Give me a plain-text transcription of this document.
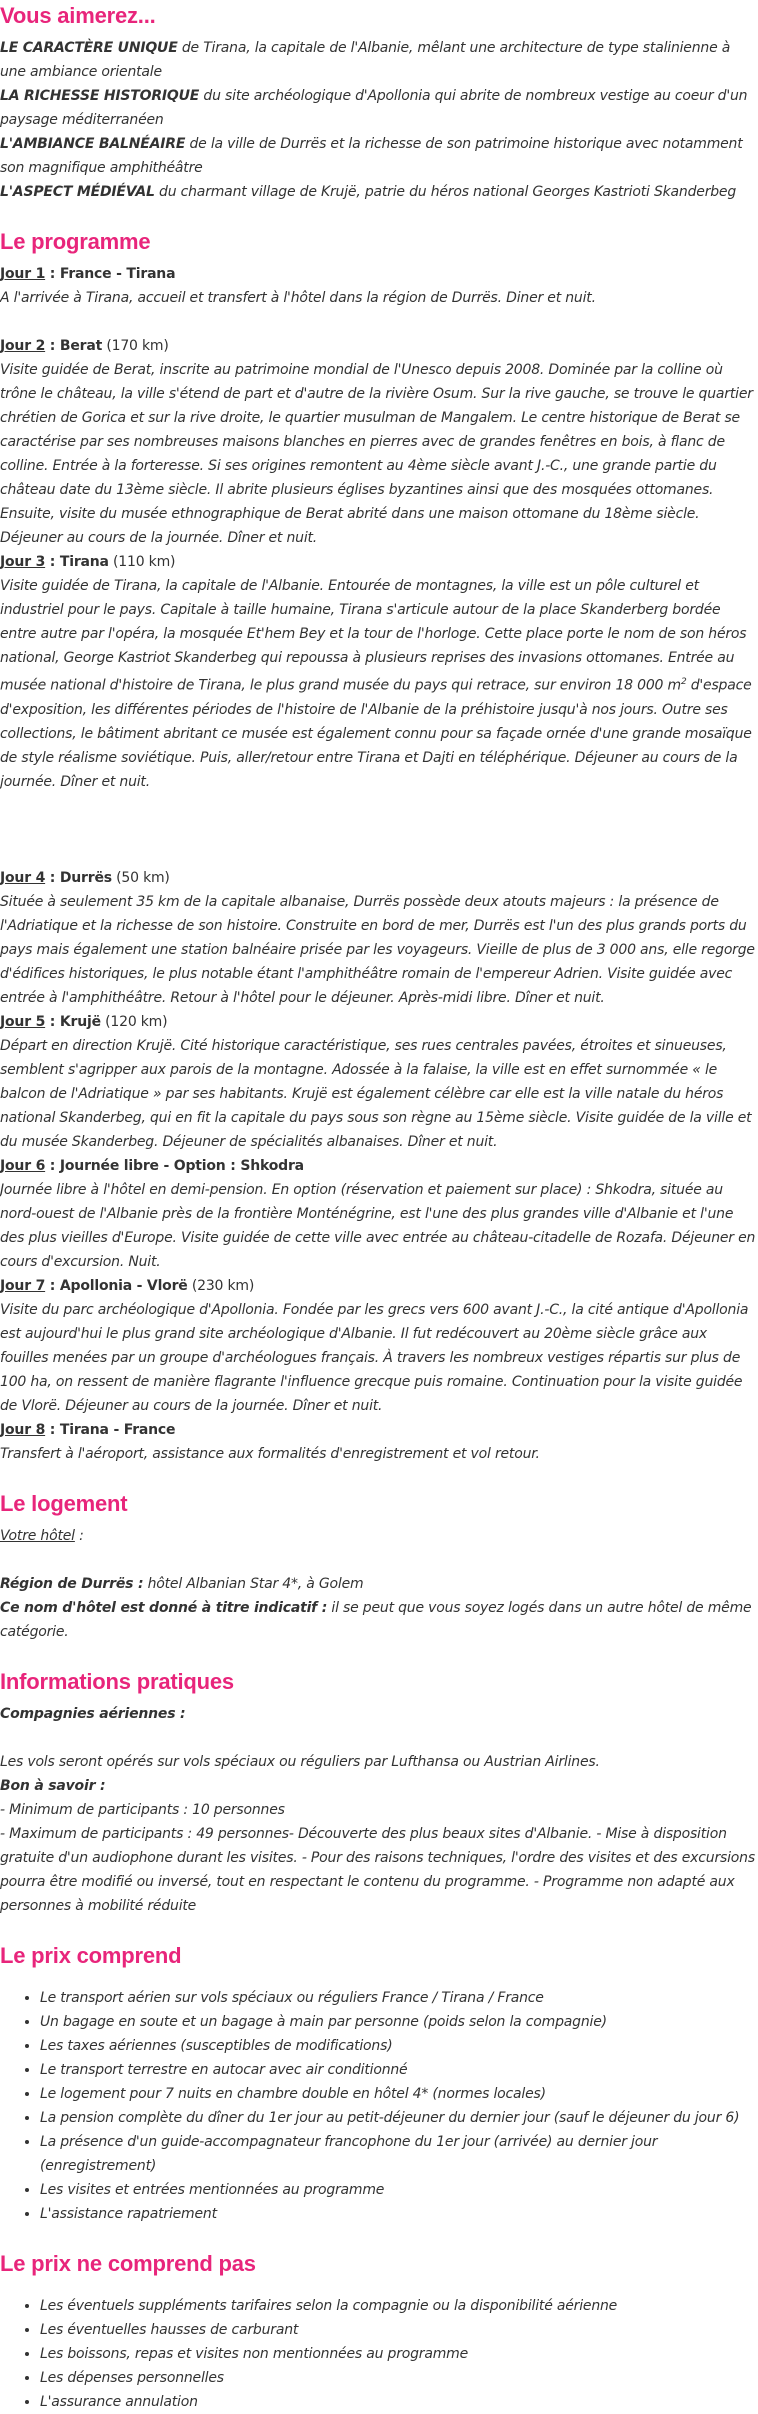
Vous aimerez...

LE CARACTÈRE UNIQUE de Tirana, la capitale de l'Albanie, mêlant une architecture de type stalinienne à une ambiance orientale

LA RICHESSE HISTORIQUE du site archéologique d'Apollonia qui abrite de nombreux vestige au coeur d'un paysage méditerranéen

L'AMBIANCE BALNÉAIRE de la ville de Durrës et la richesse de son patrimoine historique avec notamment son magnifique amphithéâtre

L'ASPECT MÉDIÉVAL du charmant village de Krujë, patrie du héros national Georges Kastrioti Skanderbeg

Le programme

Jour 1 : France - Tirana

A l'arrivée à Tirana, accueil et transfert à l'hôtel dans la région de Durrës. Diner et nuit.

Jour 2 : Berat (170 km)

Visite guidée de Berat, inscrite au patrimoine mondial de l'Unesco depuis 2008. Dominée par la colline où trône le château, la ville s'étend de part et d'autre de la rivière Osum. Sur la rive gauche, se trouve le quartier chrétien de Gorica et sur la rive droite, le quartier musulman de Mangalem. Le centre historique de Berat se caractérise par ses nombreuses maisons blanches en pierres avec de grandes fenêtres en bois, à flanc de colline. Entrée à la forteresse. Si ses origines remontent au 4ème siècle avant J.-C., une grande partie du château date du 13ème siècle. Il abrite plusieurs églises byzantines ainsi que des mosquées ottomanes. Ensuite, visite du musée ethnographique de Berat abrité dans une maison ottomane du 18ème siècle. Déjeuner au cours de la journée. Dîner et nuit.

Jour 3 : Tirana (110 km)

Visite guidée de Tirana, la capitale de l'Albanie. Entourée de montagnes, la ville est un pôle culturel et industriel pour le pays. Capitale à taille humaine, Tirana s'articule autour de la place Skanderberg bordée entre autre par l'opéra, la mosquée Et'hem Bey et la tour de l'horloge. Cette place porte le nom de son héros national, George Kastriot Skanderbeg qui repoussa à plusieurs reprises des invasions ottomanes. Entrée au musée national d'histoire de Tirana, le plus grand musée du pays qui retrace, sur environ 18 000 $m^2$ d'espace d'exposition, les différentes périodes de l'histoire de l'Albanie de la préhistoire jusqu'à nos jours. Outre ses collections, le bâtiment abritant ce musée est également connu pour sa façade ornée d'une grande mosaïque de style réalisme soviétique. Puis, aller/retour entre Tirana et Dajti en téléphérique. Déjeuner au cours de la journée. Dîner et nuit.

Jour 4 : Durrës (50 km)

Située à seulement 35 km de la capitale albanaise, Durrës possède deux atouts majeurs : la présence de l'Adriatique et la richesse de son histoire. Construite en bord de mer, Durrës est l'un des plus grands ports du pays mais également une station balnéaire prisée par les voyageurs. Vieille de plus de 3 000 ans, elle regorge d'édifices historiques, le plus notable étant l'amphithéâtre romain de l'empereur Adrien. Visite guidée avec entrée à l'amphithéâtre. Retour à l'hôtel pour le déjeuner. Après-midi libre. Dîner et nuit.

Jour 5 : Krujë (120 km)

Départ en direction Krujë. Cité historique caractéristique, ses rues centrales pavées, étroites et sinueuses, semblent s'agripper aux parois de la montagne. Adossée à la falaise, la ville est en effet surnommée « le balcon de l'Adriatique » par ses habitants. Krujë est également célèbre car elle est la ville natale du héros national Skanderbeg, qui en fit la capitale du pays sous son règne au 15ème siècle. Visite guidée de la ville et du musée Skanderbeg. Déjeuner de spécialités albanaises. Dîner et nuit.

Jour 6 : Journée libre - Option : Shkodra

Journée libre à l'hôtel en demi-pension. En option (réservation et paiement sur place) : Shkodra, située au nord-ouest de l'Albanie près de la frontière Monténégrine, est l'une des plus grandes ville d'Albanie et l'une des plus vieilles d'Europe. Visite guidée de cette ville avec entrée au château-citadelle de Rozafa. Déjeuner en cours d'excursion. Nuit.

Jour 7 : Apollonia - Vlorë (230 km)

Visite du parc archéologique d'Apollonia. Fondée par les grecs vers 600 avant J.-C., la cité antique d'Apollonia est aujourd'hui le plus grand site archéologique d'Albanie. Il fut redécouvert au 20ème siècle grâce aux fouilles menées par un groupe d'archéologues français. À travers les nombreux vestiges répartis sur plus de 100 ha, on ressent de manière flagrante l'influence grecque puis romaine. Continuation pour la visite guidée de Vlorë. Déjeuner au cours de la journée. Dîner et nuit.

Jour 8 : Tirana - France

Transfert à l'aéroport, assistance aux formalités d'enregistrement et vol retour.

Le logement

Votre hôtel :

Région de Durrës : hôtel Albanian Star 4*, à Golem

Ce nom d'hôtel est donné à titre indicatif : il se peut que vous soyez logés dans un autre hôtel de même catégorie.

Informations pratiques

Compagnies aériennes :

Les vols seront opérés sur vols spéciaux ou réguliers par Lufthansa ou Austrian Airlines.

Bon à savoir :

- Minimum de participants : 10 personnes

- Maximum de participants : 49 personnes- Découverte des plus beaux sites d'Albanie. - Mise à disposition gratuite d'un audiophone durant les visites. - Pour des raisons techniques, l'ordre des visites et des excursions pourra être modifié ou inversé, tout en respectant le contenu du programme. - Programme non adapté aux personnes à mobilité réduite

Le prix comprend
• Le transport aérien sur vols spéciaux ou réguliers France / Tirana / France
• Un bagage en soute et un bagage à main par personne (poids selon la compagnie)
• Les taxes aériennes (susceptibles de modifications)
• Le transport terrestre en autocar avec air conditionné
• Le logement pour 7 nuits en chambre double en hôtel 4* (normes locales)
• La pension complète du dîner du 1er jour au petit-déjeuner du dernier jour (sauf le déjeuner du jour 6)
• La présence d'un guide-accompagnateur francophone du 1er jour (arrivée) au dernier jour (enregistrement)
• Les visites et entrées mentionnées au programme
• L'assistance rapatriement
Le prix ne comprend pas
• Les éventuels suppléments tarifaires selon la compagnie ou la disponibilité aérienne
• Les éventuelles hausses de carburant
• Les boissons, repas et visites non mentionnées au programme
• Les dépenses personnelles
• L'assurance annulation
